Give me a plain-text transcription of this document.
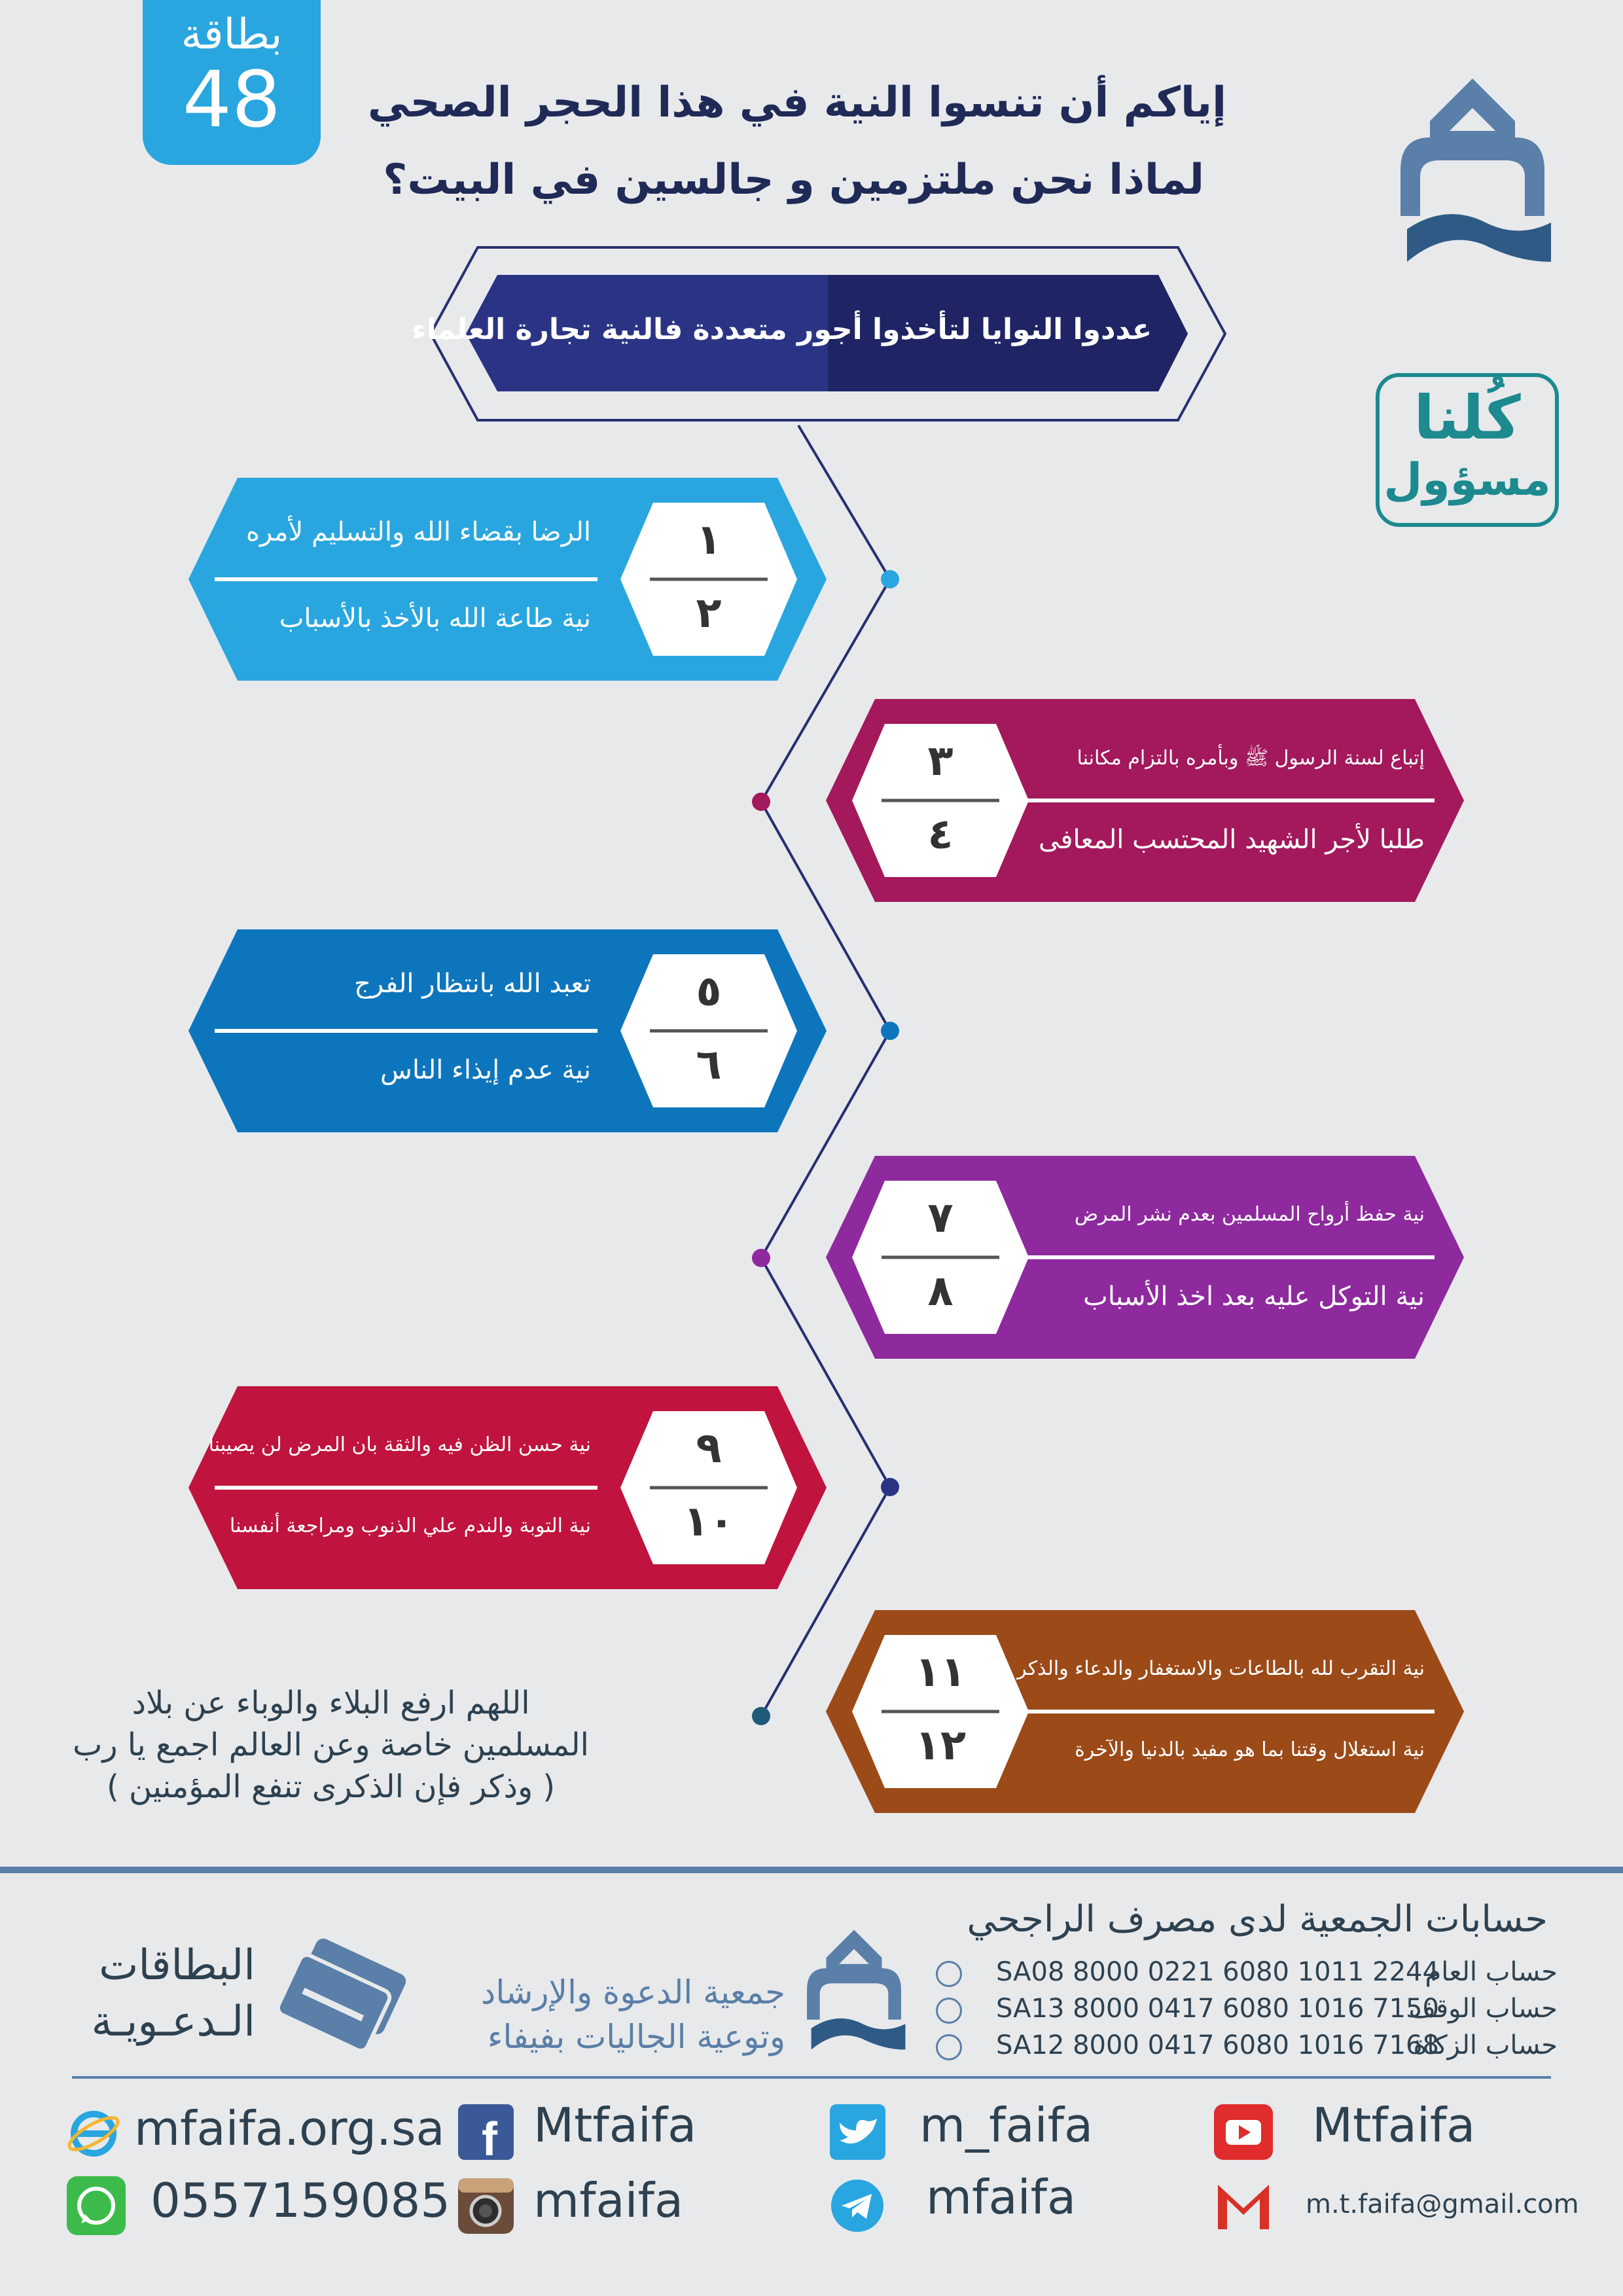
بطاقة
48	إياكم أن تنسوا النية في هذا الحجر الصحي
لماذا نحن ملتزمين و جالسين في البيت؟
كُلنا
مسؤول
عددوا النوايا لتأخذوا أجور متعددة فالنية تجارة العلماء
١
٢
الرضا بقضاء الله والتسليم لأمره
نية طاعة الله بالأخذ بالأسباب
٣
٤
إتباع لسنة الرسول ﷺ وبأمره بالتزام مكاننا
طلبا لأجر الشهيد المحتسب المعافى
٥
٦
تعبد الله بانتظار الفرج
نية عدم إيذاء الناس
٧
٨
نية حفظ أرواح المسلمين بعدم نشر المرض
نية التوكل عليه بعد اخذ الأسباب
٩
١٠
نية حسن الظن فيه والثقة بان المرض لن يصيبنا
نية التوبة والندم علي الذنوب ومراجعة أنفسنا
١١
١٢
نية التقرب لله بالطاعات والاستغفار والدعاء والذكر
نية استغلال وقتنا بما هو مفيد بالدنيا والآخرة
اللهم ارفع البلاء والوباء عن بلاد
المسلمين خاصة وعن العالم اجمع يا رب
( وذكر فإن الذكرى تنفع المؤمنين )
حسابات الجمعية لدى مصرف الراجحي
SA08 8000 0221 6080 1011 2244
حساب العام
SA13 8000 0417 6080 1016 7150
حساب الوقف
SA12 8000 0417 6080 1016 7168
حساب الزكاة
جمعية الدعوة والإرشاد
وتوعية الجاليات بفيفاء
البطاقات
الـدعـويـة
mfaifa.org.sa f Mtfaifa	m_faifa	Mtfaifa
0557159085 mfaifa	mfaifa	m.t.faifa@gmail.com
